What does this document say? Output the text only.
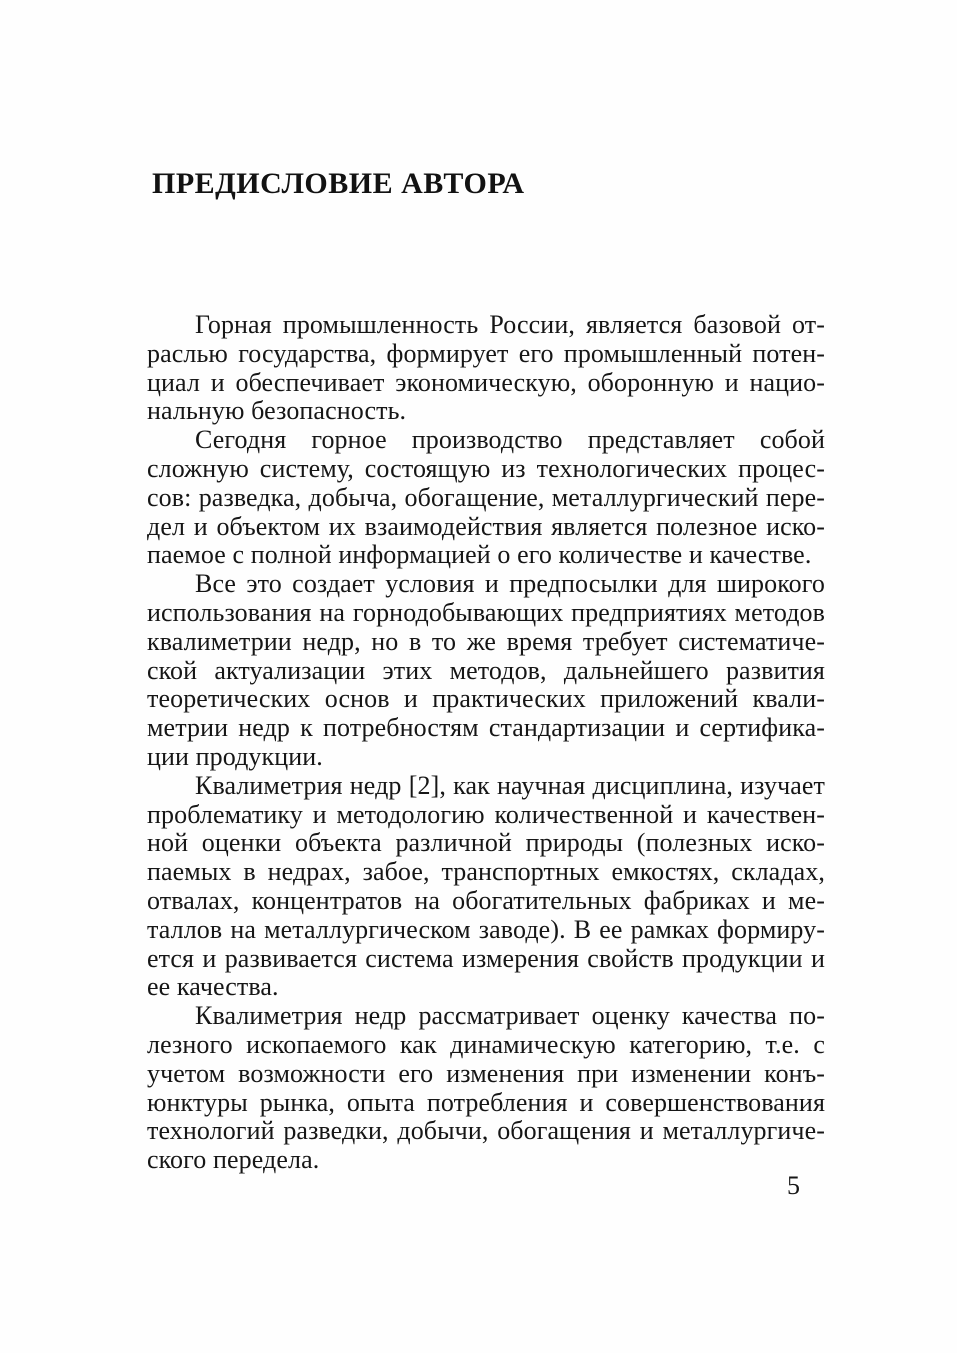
ПРЕДИСЛОВИЕ АВТОРА
Горная промышленность России, является базовой от-
раслью государства, формирует его промышленный потен-
циал и обеспечивает экономическую, оборонную и нацио-
нальную безопасность.
Сегодня горное производство представляет собой
сложную систему, состоящую из технологических процес-
сов: разведка, добыча, обогащение, металлургический пере-
дел и объектом их взаимодействия является полезное иско-
паемое с полной информацией о его количестве и качестве.
Все это создает условия и предпосылки для широкого
использования на горнодобывающих предприятиях методов
квалиметрии недр, но в то же время требует систематиче-
ской актуализации этих методов, дальнейшего развития
теоретических основ и практических приложений квали-
метрии недр к потребностям стандартизации и сертифика-
ции продукции.
Квалиметрия недр [2], как научная дисциплина, изучает
проблематику и методологию количественной и качествен-
ной оценки объекта различной природы (полезных иско-
паемых в недрах, забое, транспортных емкостях, складах,
отвалах, концентратов на обогатительных фабриках и ме-
таллов на металлургическом заводе). В ее рамках формиру-
ется и развивается система измерения свойств продукции и
ее качества.
Квалиметрия недр рассматривает оценку качества по-
лезного ископаемого как динамическую категорию, т.е. с
учетом возможности его изменения при изменении конъ-
юнктуры рынка, опыта потребления и совершенствования
технологий разведки, добычи, обогащения и металлургиче-
ского передела.
5
